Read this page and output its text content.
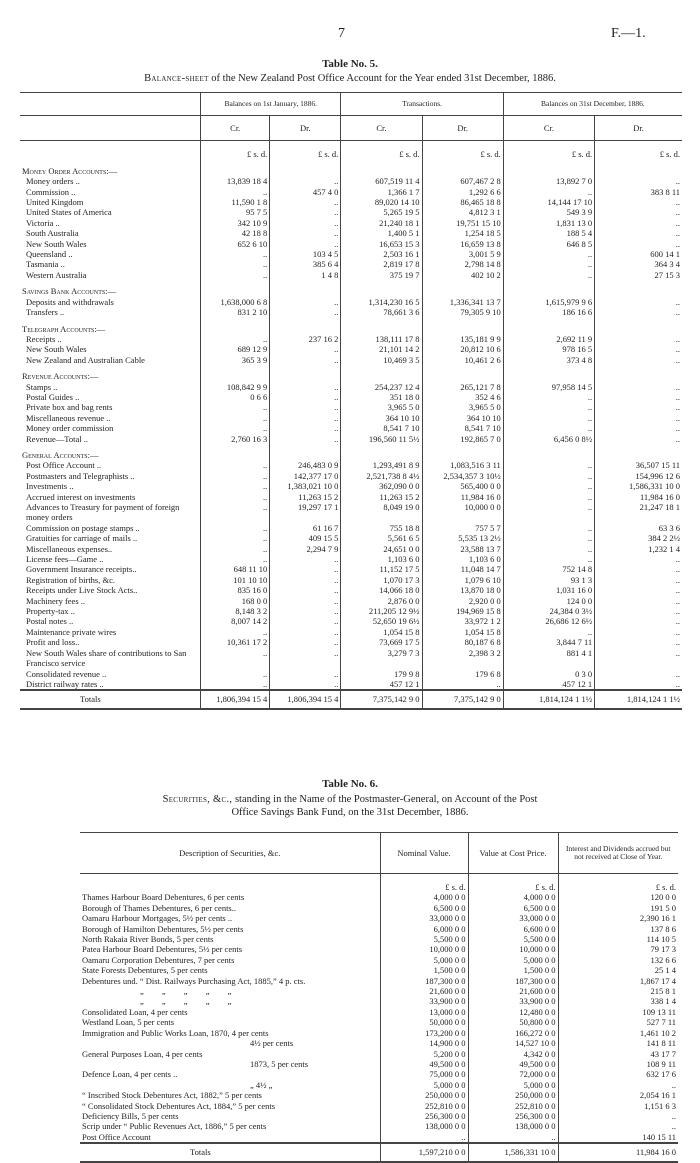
7	F.—1.
Table No. 5.
Balance-sheet of the New Zealand Post Office Account for the Year ended 31st December, 1886.
	Balances on 1st January, 1886.		Transactions.		Balances on 31st December, 1886.	
	Cr.	Dr.	Cr.	Dr.	Cr.	Dr.
	£ s. d.	£ s. d.	£ s. d.	£ s. d.	£ s. d.	£ s. d.
Money Order Accounts:—						
Money orders ..	13,839 18 4	..	607,519 11 4	607,467 2 8	13,892 7 0	..
Commission ..	..	457 4 0	1,366 1 7	1,292 6 6	..	383 8 11
United Kingdom	11,590 1 8	..	89,020 14 10	86,465 18 8	14,144 17 10	..
United States of America	95 7 5	..	5,265 19 5	4,812 3 1	549 3 9	..
Victoria ..	342 10 9	..	21,240 18 1	19,751 15 10	1,831 13 0	..
South Australia	42 18 8	..	1,400 5 1	1,254 18 5	188 5 4	..
New South Wales	652 6 10	..	16,653 15 3	16,659 13 8	646 8 5	..
Queensland ..	..	103 4 5	2,503 16 1	3,001 5 9	..	600 14 1
Tasmania ..	..	385 6 4	2,819 17 8	2,798 14 8	..	364 3 4
Western Australia	..	1 4 8	375 19 7	402 10 2	..	27 15 3
Savings Bank Accounts:—						
Deposits and withdrawals	1,638,000 6 8	..	1,314,230 16 5	1,336,341 13 7	1,615,979 9 6	..
Transfers ..	831 2 10	..	78,661 3 6	79,305 9 10	186 16 6	..
Telegraph Accounts:—						
Receipts ..	..	237 16 2	138,111 17 8	135,181 9 9	2,692 11 9	..
New South Wales	689 12 9	..	21,101 14 2	20,812 10 6	978 16 5	..
New Zealand and Australian Cable	365 3 9	..	10,469 3 5	10,461 2 6	373 4 8	..
Revenue Accounts:—						
Stamps ..	108,842 9 9	..	254,237 12 4	265,121 7 8	97,958 14 5	..
Postal Guides ..	0 6 6	..	351 18 0	352 4 6	..	..
Private box and bag rents	..	..	3,965 5 0	3,965 5 0	..	..
Miscellaneous revenue ..	..	..	364 10 10	364 10 10	..	..
Money order commission	..	..	8,541 7 10	8,541 7 10	..	..
Revenue—Total ..	2,760 16 3	..	196,560 11 5½	192,865 7 0	6,456 0 8½	..
General Accounts:—						
Post Office Account ..	..	246,483 0 9	1,293,491 8 9	1,083,516 3 11	..	36,507 15 11
Postmasters and Telegraphists ..	..	142,377 17 0	2,521,738 8 4½	2,534,357 3 10½	..	154,996 12 6
Investments ..	..	1,383,021 10 0	362,090 0 0	565,400 0 0	..	1,586,331 10 0
Accrued interest on investments	..	11,263 15 2	11,263 15 2	11,984 16 0	..	11,984 16 0
Advances to Treasury for payment of foreign money orders	..	19,297 17 1	8,049 19 0	10,000 0 0	..	21,247 18 1
Commission on postage stamps ..	..	61 16 7	755 18 8	757 5 7	..	63 3 6
Gratuities for carriage of mails ..	..	409 15 5	5,561 6 5	5,535 13 2½	..	384 2 2½
Miscellaneous expenses..	..	2,294 7 9	24,651 0 0	23,588 13 7	..	1,232 1 4
License fees—Game ..	..	..	1,103 6 0	1,103 6 0	..	..
Government Insurance receipts..	648 11 10	..	11,152 17 5	11,048 14 7	752 14 8	..
Registration of births, &c.	101 10 10	..	1,070 17 3	1,079 6 10	93 1 3	..
Receipts under Live Stock Acts..	835 16 0	..	14,066 18 0	13,870 18 0	1,031 16 0	..
Machinery fees ..	168 0 0	..	2,876 0 0	2,920 0 0	124 0 0	..
Property-tax ..	8,148 3 2	..	211,205 12 9½	194,969 15 8	24,384 0 3½	..
Postal notes ..	8,007 14 2	..	52,650 19 6½	33,972 1 2	26,686 12 6½	..
Maintenance private wires	..	..	1,054 15 8	1,054 15 8	..	..
Profit and loss..	10,361 17 2	..	73,669 17 5	80,187 6 8	3,844 7 11	..
New South Wales share of contributions to San Francisco service	..	..	3,279 7 3	2,398 3 2	881 4 1	..
Consolidated revenue ..	..	..	179 9 8	179 6 8	0 3 0	..
District railway rates ..	..	..	457 12 1	..	457 12 1	..
Totals	1,806,394 15 4	1,806,394 15 4	7,375,142 9 0	7,375,142 9 0	1,814,124 1 1½	1,814,124 1 1½
Table No. 6.
Securities, &c., standing in the Name of the Postmaster-General, on Account of the Post
Office Savings Bank Fund, on the 31st December, 1886.
Description of Securities, &c.	Nominal Value.	Value at Cost Price.	Interest and Dividends accrued but not received at Close of Year.
	£ s. d.	£ s. d.	£ s. d.
Thames Harbour Board Debentures, 6 per cents	4,000 0 0	4,000 0 0	120 0 0
Borough of Thames Debentures, 6 per cents..	6,500 0 0	6,500 0 0	191 5 0
Oamaru Harbour Mortgages, 5½ per cents ..	33,000 0 0	33,000 0 0	2,390 16 1
Borough of Hamilton Debentures, 5½ per cents	6,000 0 0	6,600 0 0	137 8 6
North Rakaia River Bonds, 5 per cents	5,500 0 0	5,500 0 0	114 10 5
Patea Harbour Board Debentures, 5½ per cents	10,000 0 0	10,000 0 0	79 17 3
Oamaru Corporation Debentures, 7 per cents	5,000 0 0	5,000 0 0	132 6 6
State Forests Debentures, 5 per cents	1,500 0 0	1,500 0 0	25 1 4
Debentures und. “ Dist. Railways Purchasing Act, 1885,” 4 p. cts.	187,300 0 0	187,300 0 0	1,867 17 4
„ „ „ „ „	21,600 0 0	21,600 0 0	215 8 1
„ „ „ „ „	33,900 0 0	33,900 0 0	338 1 4
Consolidated Loan, 4 per cents	13,000 0 0	12,480 0 0	109 13 11
Westland Loan, 5 per cents	50,000 0 0	50,800 0 0	527 7 11
Immigration and Public Works Loan, 1870, 4 per cents	173,200 0 0	166,272 0 0	1,461 10 2
4½ per cents	14,900 0 0	14,527 10 0	141 8 11
General Purposes Loan, 4 per cents	5,200 0 0	4,342 0 0	43 17 7
1873, 5 per cents	49,500 0 0	49,500 0 0	108 9 11
Defence Loan, 4 per cents ..	75,000 0 0	72,000 0 0	632 17 6
„ 4½ „	5,000 0 0	5,000 0 0	..
“ Inscribed Stock Debentures Act, 1882,” 5 per cents	250,000 0 0	250,000 0 0	2,054 16 1
“ Consolidated Stock Debentures Act, 1884,” 5 per cents	252,810 0 0	252,810 0 0	1,151 6 3
Deficiency Bills, 5 per cents	256,300 0 0	256,300 0 0	..
Scrip under “ Public Revenues Act, 1886,” 5 per cents	138,000 0 0	138,000 0 0	..
Post Office Account	..	..	140 15 11
Totals	1,597,210 0 0	1,586,331 10 0	11,984 16 0
